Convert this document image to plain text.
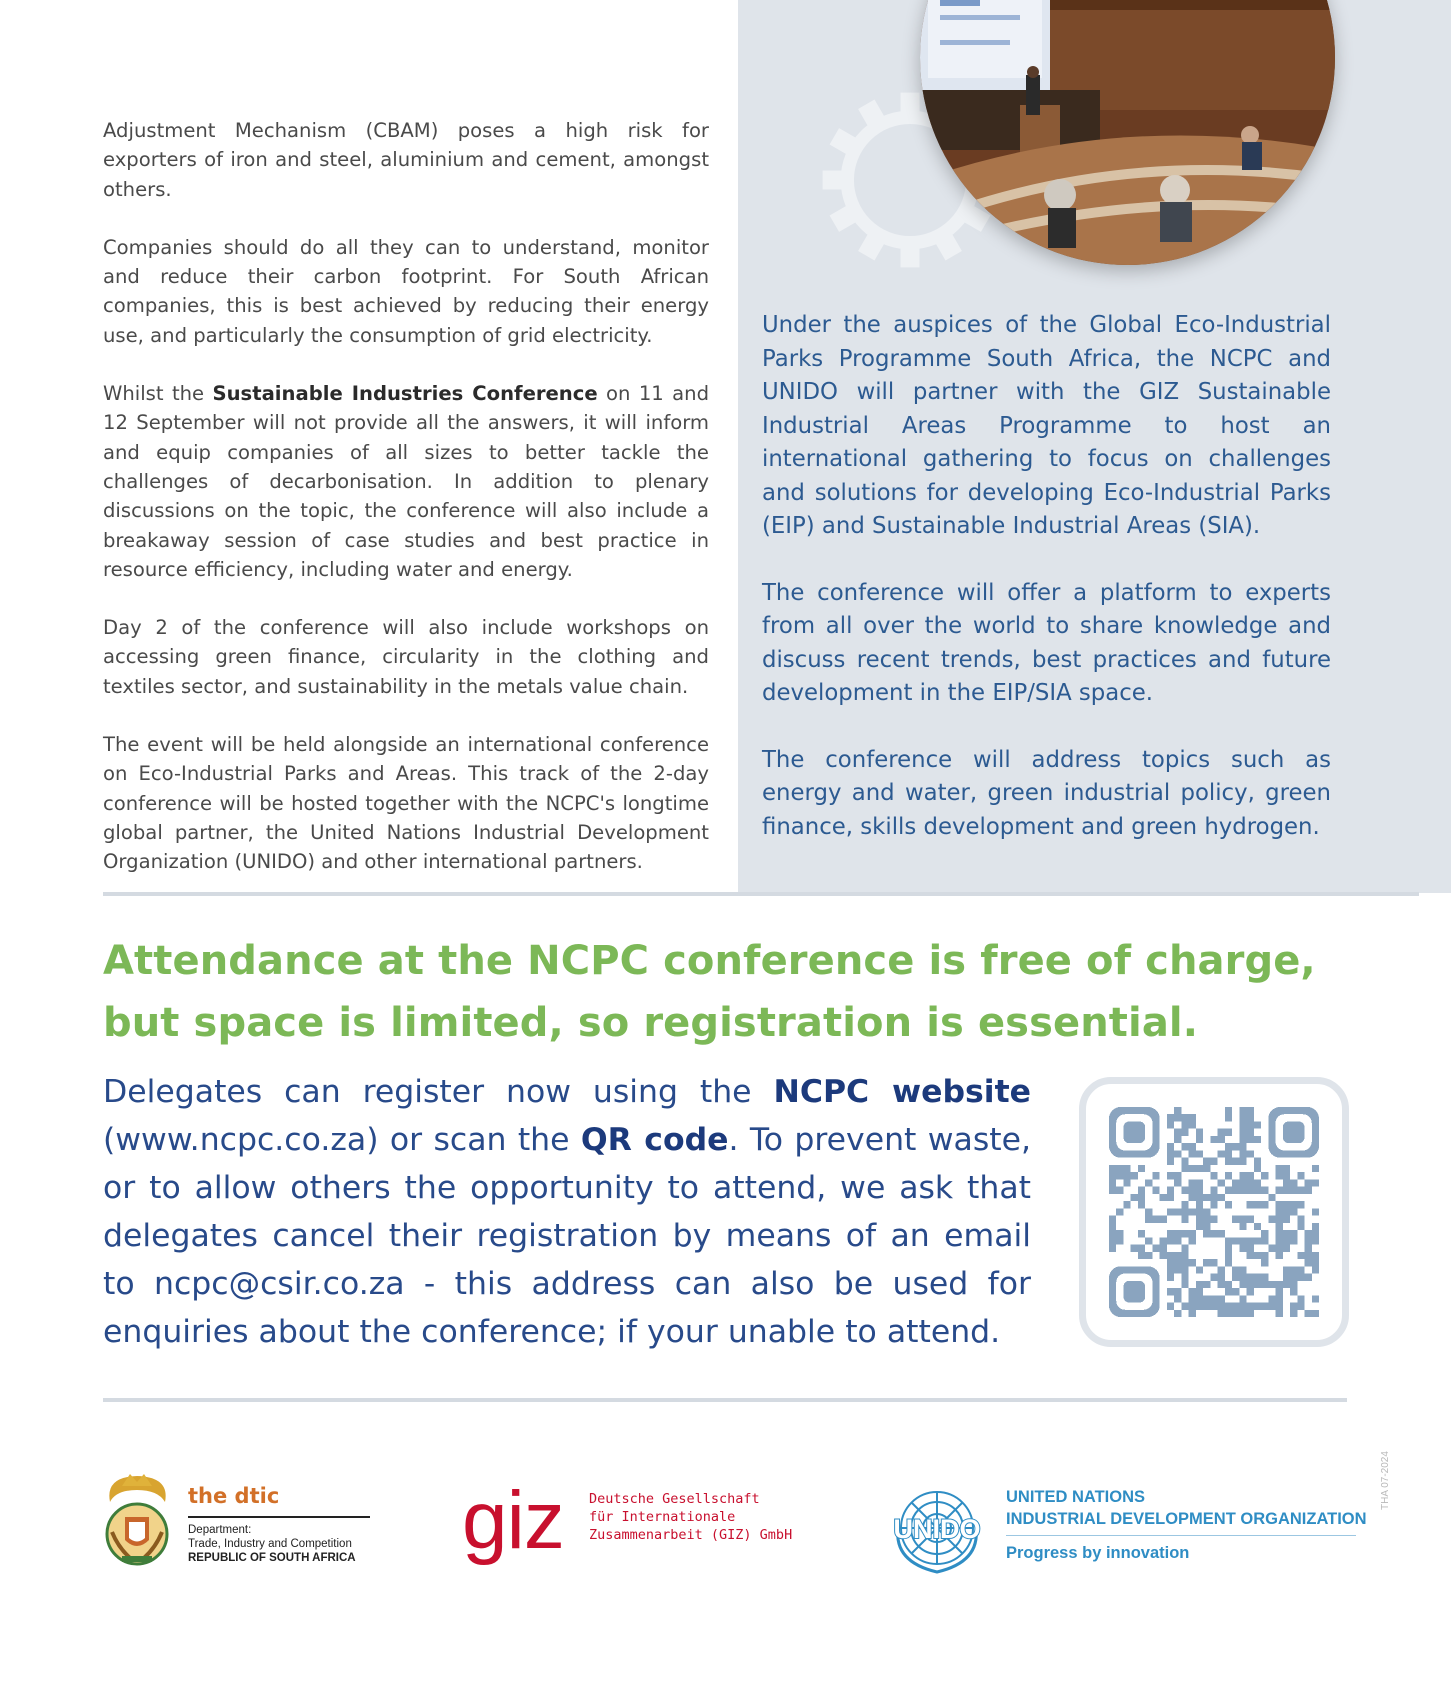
Adjustment Mechanism (CBAM) poses a high risk for exporters of iron and steel, aluminium and cement, amongst others.

Companies should do all they can to understand, monitor and reduce their carbon footprint. For South African companies, this is best achieved by reducing their energy use, and particularly the consumption of grid electricity.

Whilst the Sustainable Industries Conference on 11 and 12 September will not provide all the answers, it will inform and equip companies of all sizes to better tackle the challenges of decarbonisation. In addition to plenary discussions on the topic, the conference will also include a breakaway session of case studies and best practice in resource efficiency, including water and energy.

Day 2 of the conference will also include workshops on accessing green finance, circularity in the clothing and textiles sector, and sustainability in the metals value chain.

The event will be held alongside an international conference on Eco-Industrial Parks and Areas. This track of the 2-day conference will be hosted together with the NCPC's longtime global partner, the United Nations Industrial Development Organization (UNIDO) and other international partners.

Under the auspices of the Global Eco-Industrial Parks Programme South Africa, the NCPC and UNIDO will partner with the GIZ Sustainable Industrial Areas Programme to host an international gathering to focus on challenges and solutions for developing Eco-Industrial Parks (EIP) and Sustainable Industrial Areas (SIA).

The conference will offer a platform to experts from all over the world to share knowledge and discuss recent trends, best practices and future development in the EIP/SIA space.

The conference will address topics such as energy and water, green industrial policy, green finance, skills development and green hydrogen.

Attendance at the NCPC conference is free of charge,
but space is limited, so registration is essential.
Delegates can register now using the NCPC website (www.ncpc.co.za) or scan the QR code. To prevent waste, or to allow others the opportunity to attend, we ask that delegates cancel their registration by means of an email to ncpc@csir.co.za - this address can also be used for enquiries about the conference; if your unable to attend.
the dtic
Department:
Trade, Industry and Competition
REPUBLIC OF SOUTH AFRICA giz Deutsche Gesellschaft
für Internationale
Zusammenarbeit (GIZ) GmbH	UNIDO
UNITED NATIONS
INDUSTRIAL DEVELOPMENT ORGANIZATION
Progress by innovation
THA 07-2024
